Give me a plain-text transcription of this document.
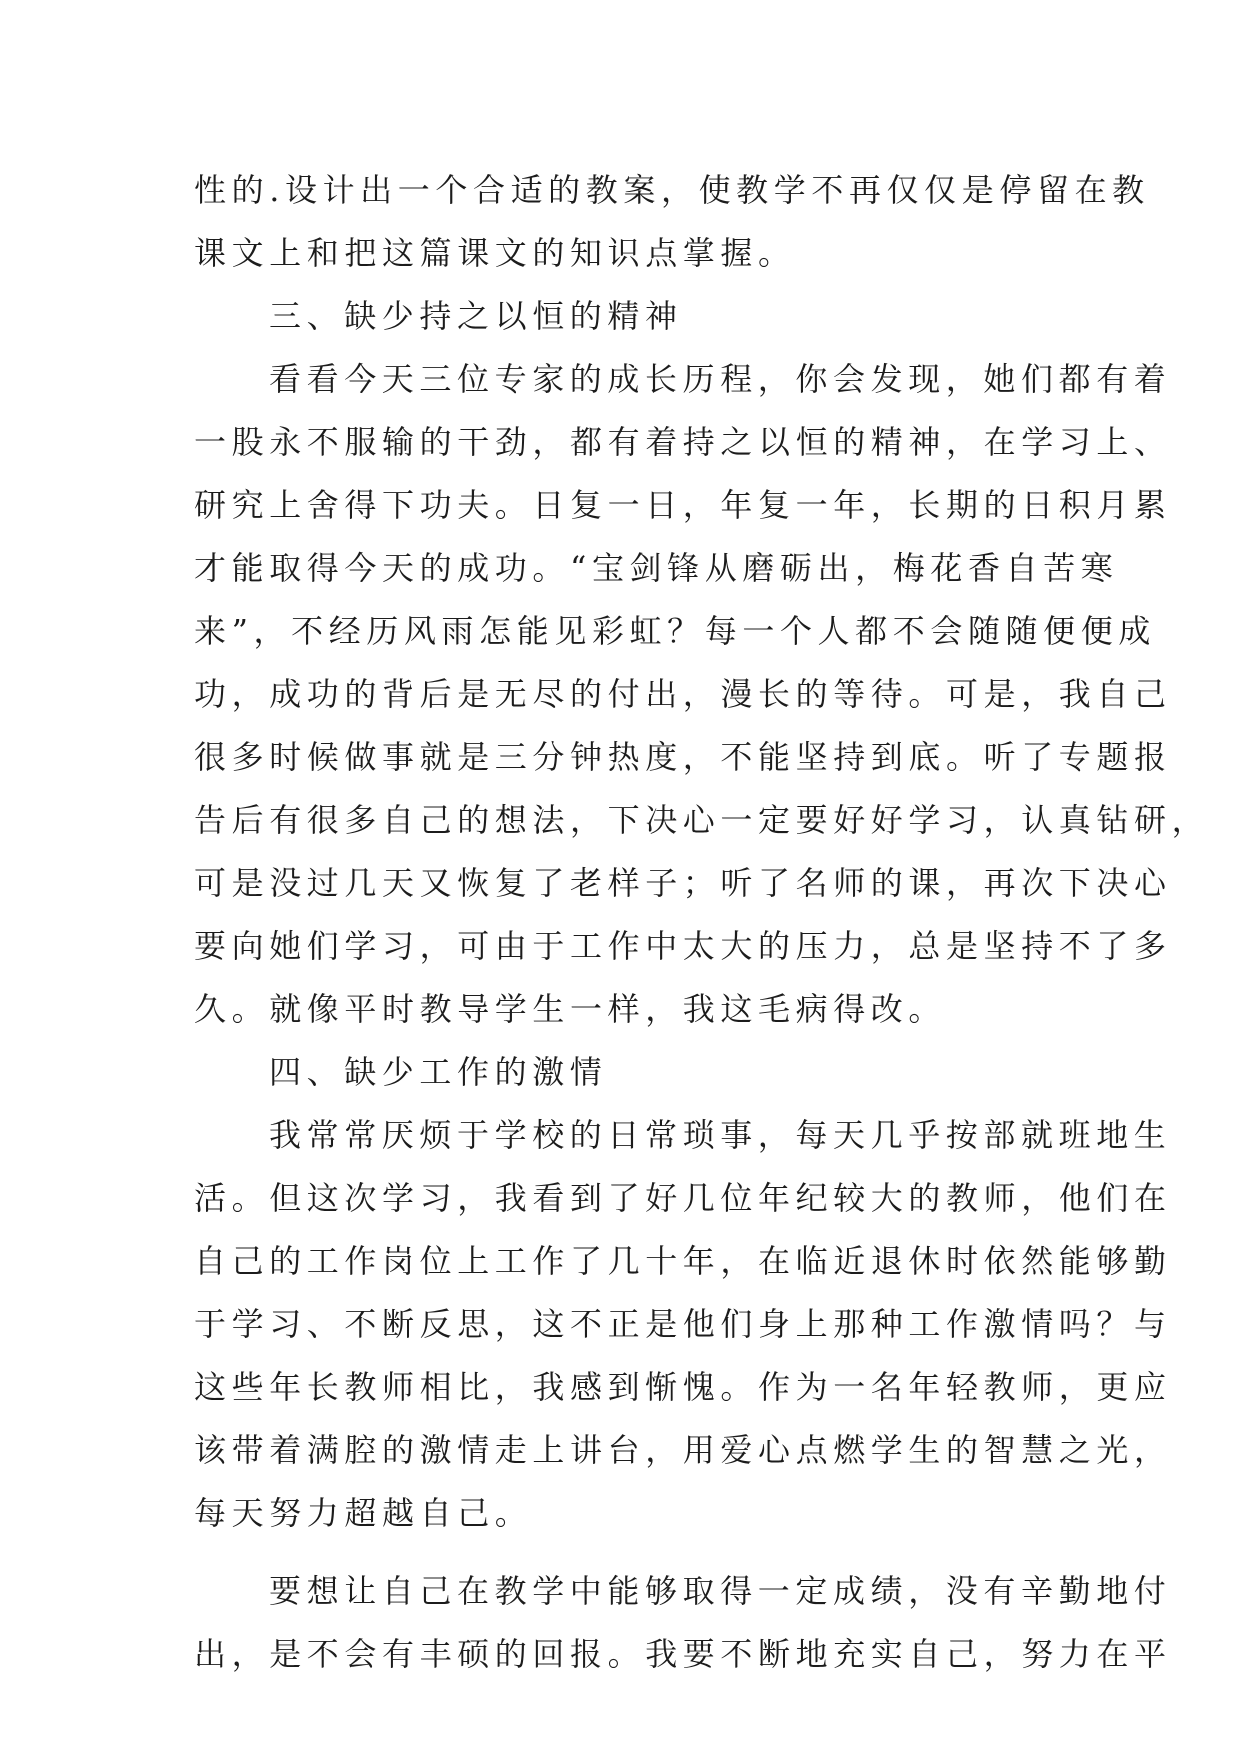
性的.设计出一个合适的教案，使教学不再仅仅是停留在教
课文上和把这篇课文的知识点掌握。
三、缺少持之以恒的精神
看看今天三位专家的成长历程，你会发现，她们都有着
一股永不服输的干劲，都有着持之以恒的精神，在学习上、
研究上舍得下功夫。日复一日，年复一年，长期的日积月累
才能取得今天的成功。“宝剑锋从磨砺出，梅花香自苦寒
来”，不经历风雨怎能见彩虹？每一个人都不会随随便便成
功，成功的背后是无尽的付出，漫长的等待。可是，我自己
很多时候做事就是三分钟热度，不能坚持到底。听了专题报
告后有很多自己的想法，下决心一定要好好学习，认真钻研，
可是没过几天又恢复了老样子；听了名师的课，再次下决心
要向她们学习，可由于工作中太大的压力，总是坚持不了多
久。就像平时教导学生一样，我这毛病得改。
四、缺少工作的激情
我常常厌烦于学校的日常琐事，每天几乎按部就班地生
活。但这次学习，我看到了好几位年纪较大的教师，他们在
自己的工作岗位上工作了几十年，在临近退休时依然能够勤
于学习、不断反思，这不正是他们身上那种工作激情吗？与
这些年长教师相比，我感到惭愧。作为一名年轻教师，更应
该带着满腔的激情走上讲台，用爱心点燃学生的智慧之光，
每天努力超越自己。
要想让自己在教学中能够取得一定成绩，没有辛勤地付
出，是不会有丰硕的回报。我要不断地充实自己，努力在平
